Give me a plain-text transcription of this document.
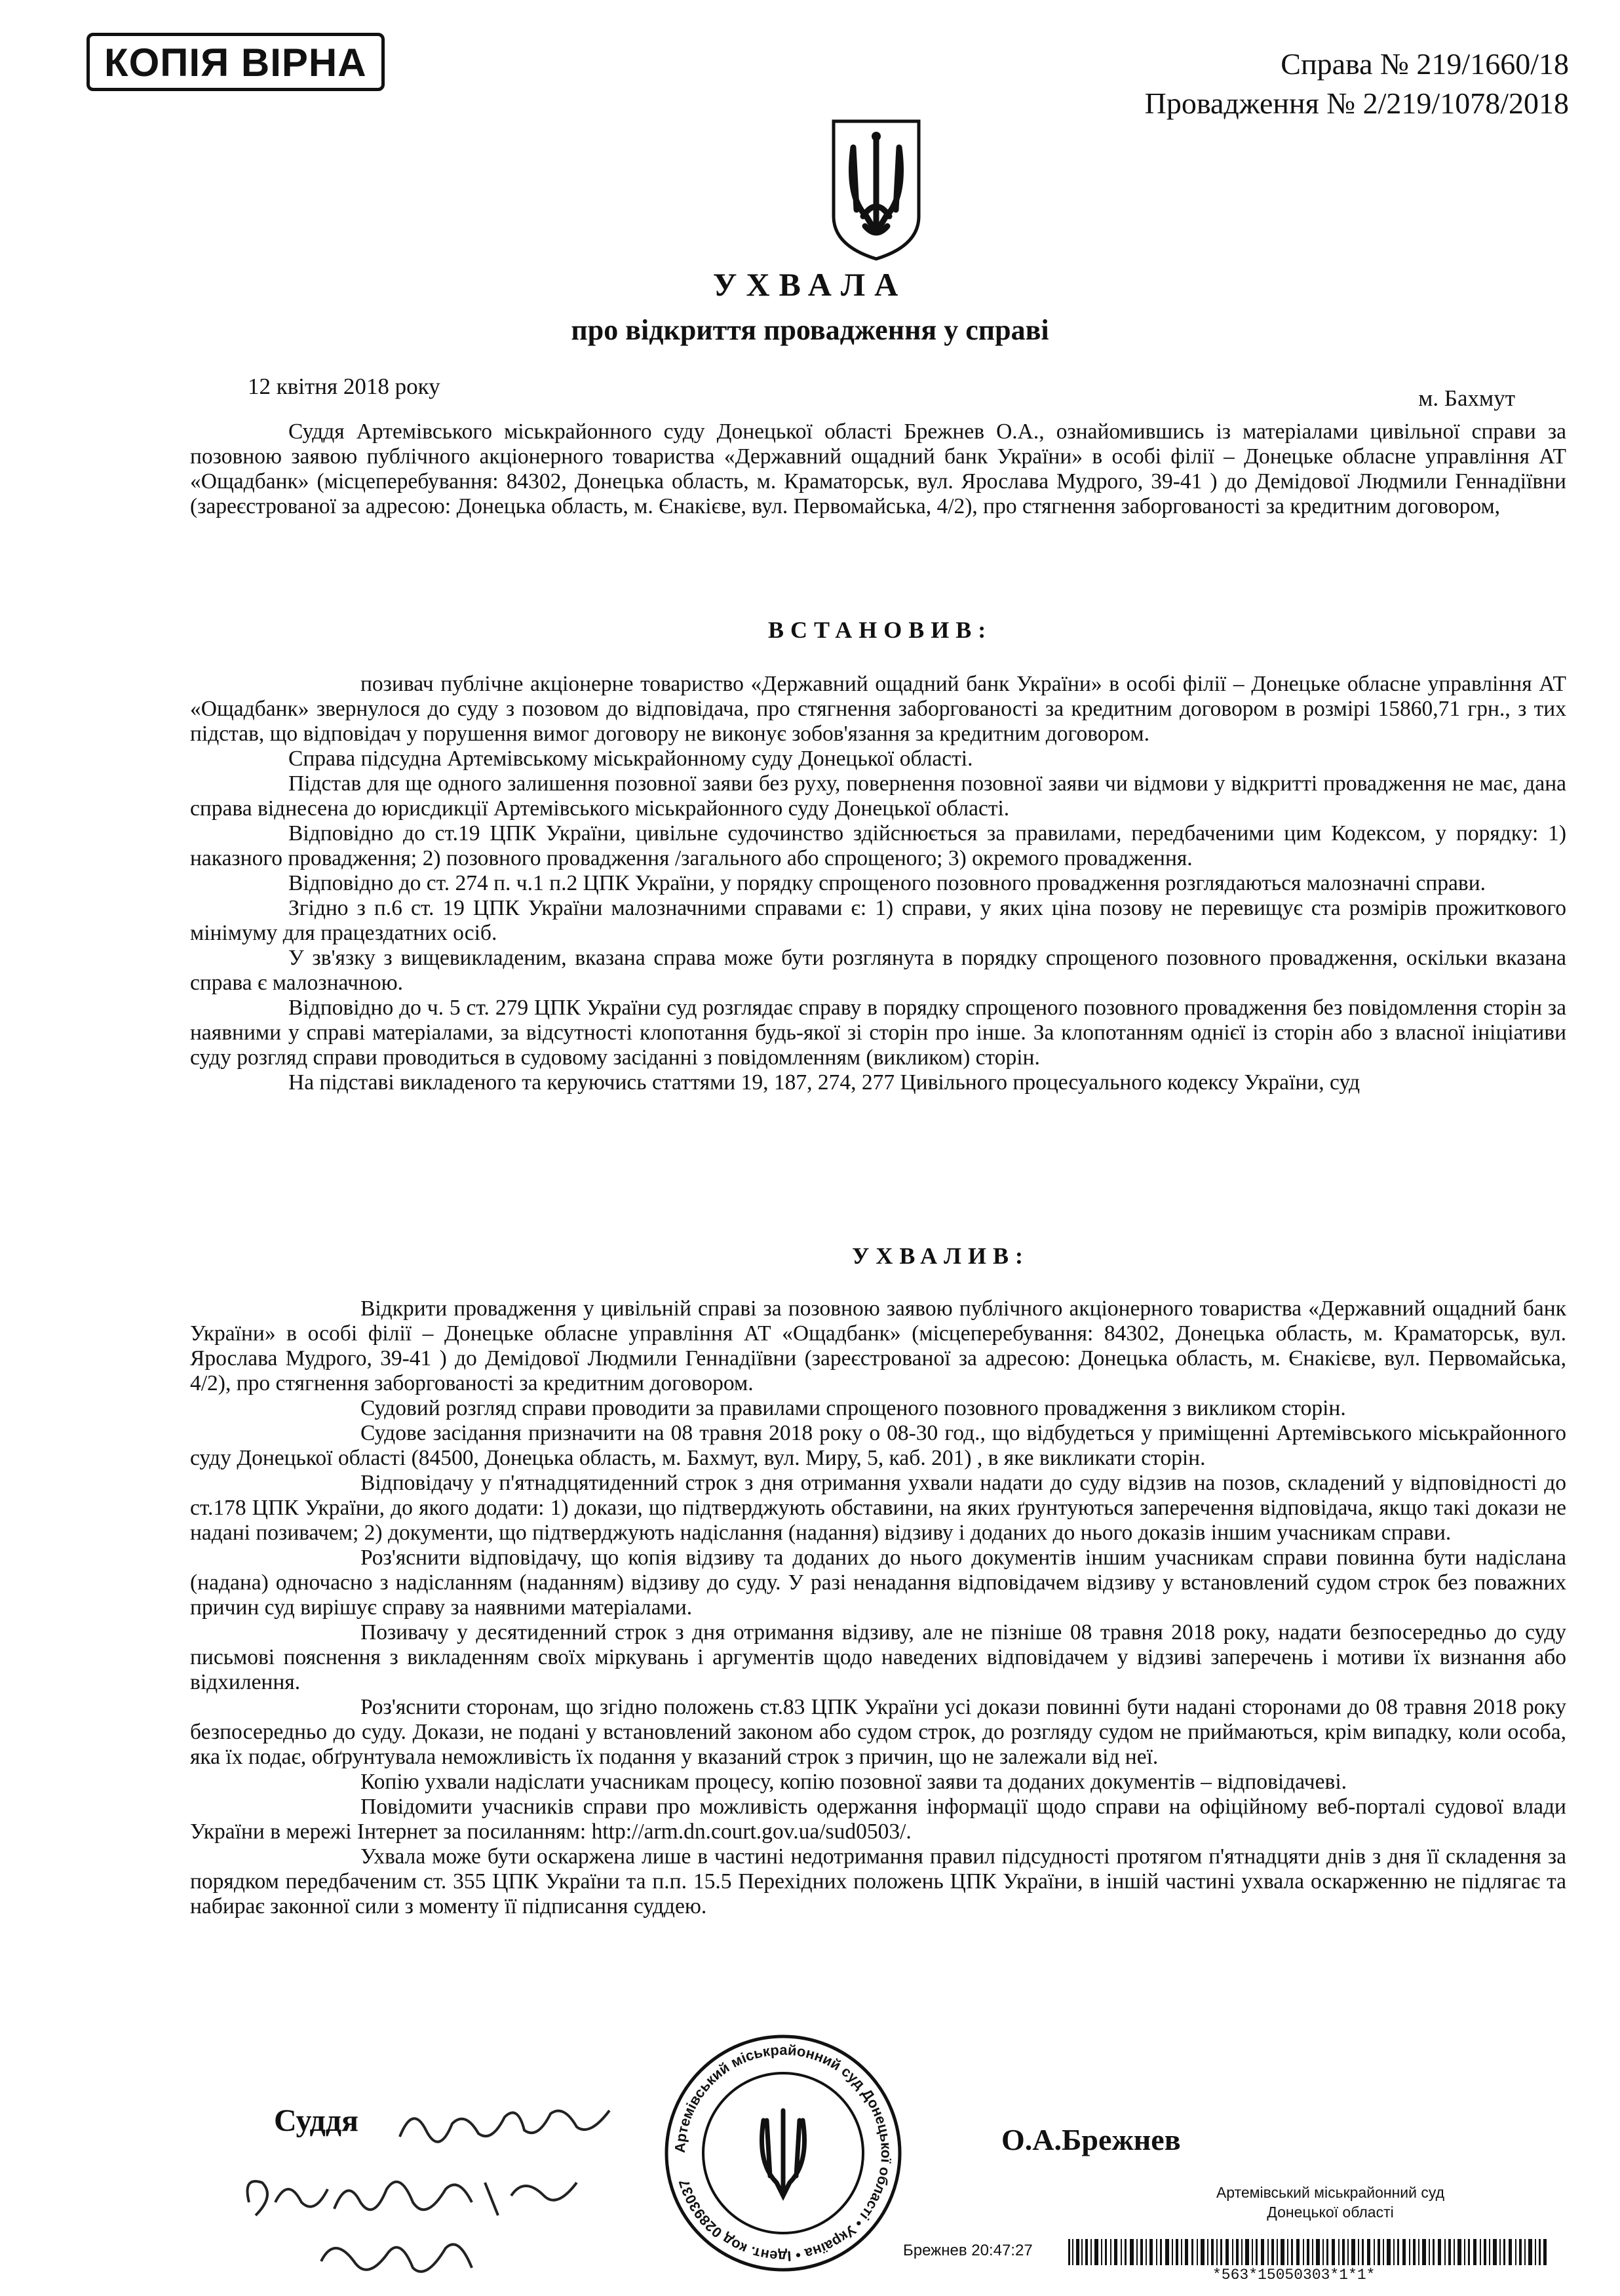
КОПІЯ ВІРНА	Справа № 219/1660/18
Провадження № 2/219/1078/2018
УХВАЛА
про відкриття провадження у справі
12 квітня 2018 року	м. Бахмут

Суддя Артемівського міськрайонного суду Донецької області Брежнев О.А., ознайомившись із матеріалами цивільної справи за позовною заявою публічного акціонерного товариства «Державний ощадний банк України» в особі філії – Донецьке обласне управління АТ «Ощадбанк» (місцеперебування: 84302, Донецька область, м. Краматорськ, вул. Ярослава Мудрого, 39-41 ) до Демідової Людмили Геннадіївни (зареєстрованої за адресою: Донецька область, м. Єнакієве, вул. Первомайська, 4/2), про стягнення заборгованості за кредитним договором,

ВСТАНОВИВ:

позивач публічне акціонерне товариство «Державний ощадний банк України» в особі філії – Донецьке обласне управління АТ «Ощадбанк» звернулося до суду з позовом до відповідача, про стягнення заборгованості за кредитним договором в розмірі 15860,71 грн., з тих підстав, що відповідач у порушення вимог договору не виконує зобов'язання за кредитним договором.

Справа підсудна Артемівському міськрайонному суду Донецької області.

Підстав для ще одного залишення позовної заяви без руху, повернення позовної заяви чи відмови у відкритті провадження не має, дана справа віднесена до юрисдикції Артемівського міськрайонного суду Донецької області.

Відповідно до ст.19 ЦПК України, цивільне судочинство здійснюється за правилами, передбаченими цим Кодексом, у порядку: 1) наказного провадження; 2) позовного провадження /загального або спрощеного; 3) окремого провадження.

Відповідно до ст. 274 п. ч.1 п.2 ЦПК України, у порядку спрощеного позовного провадження розглядаються малозначні справи.

Згідно з п.6 ст. 19 ЦПК України малозначними справами є: 1) справи, у яких ціна позову не перевищує ста розмірів прожиткового мінімуму для працездатних осіб.

У зв'язку з вищевикладеним, вказана справа може бути розглянута в порядку спрощеного позовного провадження, оскільки вказана справа є малозначною.

Відповідно до ч. 5 ст. 279 ЦПК України суд розглядає справу в порядку спрощеного позовного провадження без повідомлення сторін за наявними у справі матеріалами, за відсутності клопотання будь-якої зі сторін про інше. За клопотанням однієї із сторін або з власної ініціативи суду розгляд справи проводиться в судовому засіданні з повідомленням (викликом) сторін.

На підставі викладеного та керуючись статтями 19, 187, 274, 277 Цивільного процесуального кодексу України, суд

УХВАЛИВ:

Відкрити провадження у цивільній справі за позовною заявою публічного акціонерного товариства «Державний ощадний банк України» в особі філії – Донецьке обласне управління АТ «Ощадбанк» (місцеперебування: 84302, Донецька область, м. Краматорськ, вул. Ярослава Мудрого, 39-41 ) до Демідової Людмили Геннадіївни (зареєстрованої за адресою: Донецька область, м. Єнакієве, вул. Первомайська, 4/2), про стягнення заборгованості за кредитним договором.

Судовий розгляд справи проводити за правилами спрощеного позовного провадження з викликом сторін.

Судове засідання призначити на 08 травня 2018 року о 08-30 год., що відбудеться у приміщенні Артемівського міськрайонного суду Донецької області (84500, Донецька область, м. Бахмут, вул. Миру, 5, каб. 201) , в яке викликати сторін.

Відповідачу у п'ятнадцятиденний строк з дня отримання ухвали надати до суду відзив на позов, складений у відповідності до ст.178 ЦПК України, до якого додати: 1) докази, що підтверджують обставини, на яких ґрунтуються заперечення відповідача, якщо такі докази не надані позивачем; 2) документи, що підтверджують надіслання (надання) відзиву і доданих до нього доказів іншим учасникам справи.

Роз'яснити відповідачу, що копія відзиву та доданих до нього документів іншим учасникам справи повинна бути надіслана (надана) одночасно з надісланням (наданням) відзиву до суду. У разі ненадання відповідачем відзиву у встановлений судом строк без поважних причин суд вирішує справу за наявними матеріалами.

Позивачу у десятиденний строк з дня отримання відзиву, але не пізніше 08 травня 2018 року, надати безпосередньо до суду письмові пояснення з викладенням своїх міркувань і аргументів щодо наведених відповідачем у відзиві заперечень і мотиви їх визнання або відхилення.

Роз'яснити сторонам, що згідно положень ст.83 ЦПК України усі докази повинні бути надані сторонами до 08 травня 2018 року безпосередньо до суду. Докази, не подані у встановлений законом або судом строк, до розгляду судом не приймаються, крім випадку, коли особа, яка їх подає, обґрунтувала неможливість їх подання у вказаний строк з причин, що не залежали від неї.

Копію ухвали надіслати учасникам процесу, копію позовної заяви та доданих документів – відповідачеві.

Повідомити учасників справи про можливість одержання інформації щодо справи на офіційному веб-порталі судової влади України в мережі Інтернет за посиланням: http://arm.dn.court.gov.ua/sud0503/.

Ухвала може бути оскаржена лише в частині недотримання правил підсудності протягом п'ятнадцяти днів з дня її складення за порядком передбаченим ст. 355 ЦПК України та п.п. 15.5 Перехідних положень ЦПК України, в іншій частині ухвала оскарженню не підлягає та набирає законної сили з моменту її підписання суддею.

Суддя
Артемівський міськрайонний суд Донецької області • Україна • Ідент. код 02893037
О.А.Брежнев
Артемівський міськрайонний суд
Донецької області
Брежнев 20:47:27
*563*15050303*1*1*
